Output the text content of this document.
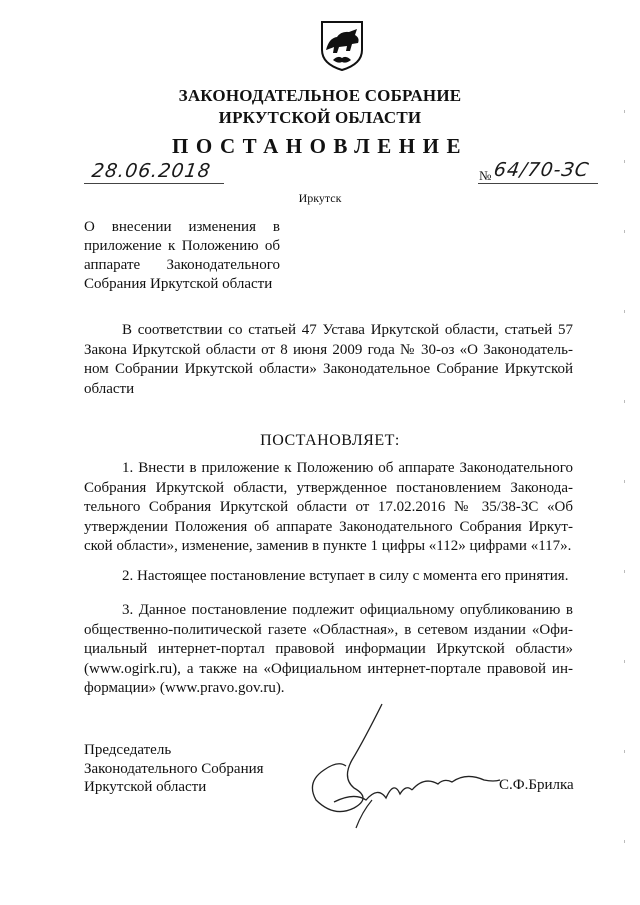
ЗАКОНОДАТЕЛЬНОЕ СОБРАНИЕ
ИРКУТСКОЙ ОБЛАСТИ
ПОСТАНОВЛЕНИЕ
28.06.2018	№ 64/70-ЗС
Иркутск
О внесении изменения в приложение к Положению об аппарате Законодательного Собрания Иркутской области
В соответствии со статьей 47 Устава Иркутской области, статьей 57 Закона Иркутской области от 8 июня 2009 года № 30-оз «О Законодательном Собрании Иркутской области» Законодательное Собрание Иркутской области
ПОСТАНОВЛЯЕТ:
1. Внести в приложение к Положению об аппарате Законодательного Собрания Иркутской области, утвержденное постановлением Законодательного Собрания Иркутской области от 17.02.2016 № 35/38-ЗС «Об утверждении Положения об аппарате Законодательного Собрания Иркутской области», изменение, заменив в пункте 1 цифры «112» цифрами «117».
2. Настоящее постановление вступает в силу с момента его принятия.
3. Данное постановление подлежит официальному опубликованию в общественно-политической газете «Областная», в сетевом издании «Официальный интернет-портал правовой информации Иркутской области» (www.ogirk.ru), а также на «Официальном интернет-портале правовой информации» (www.pravo.gov.ru).
Председатель
Законодательного Собрания
Иркутской области	С.Ф.Брилка
